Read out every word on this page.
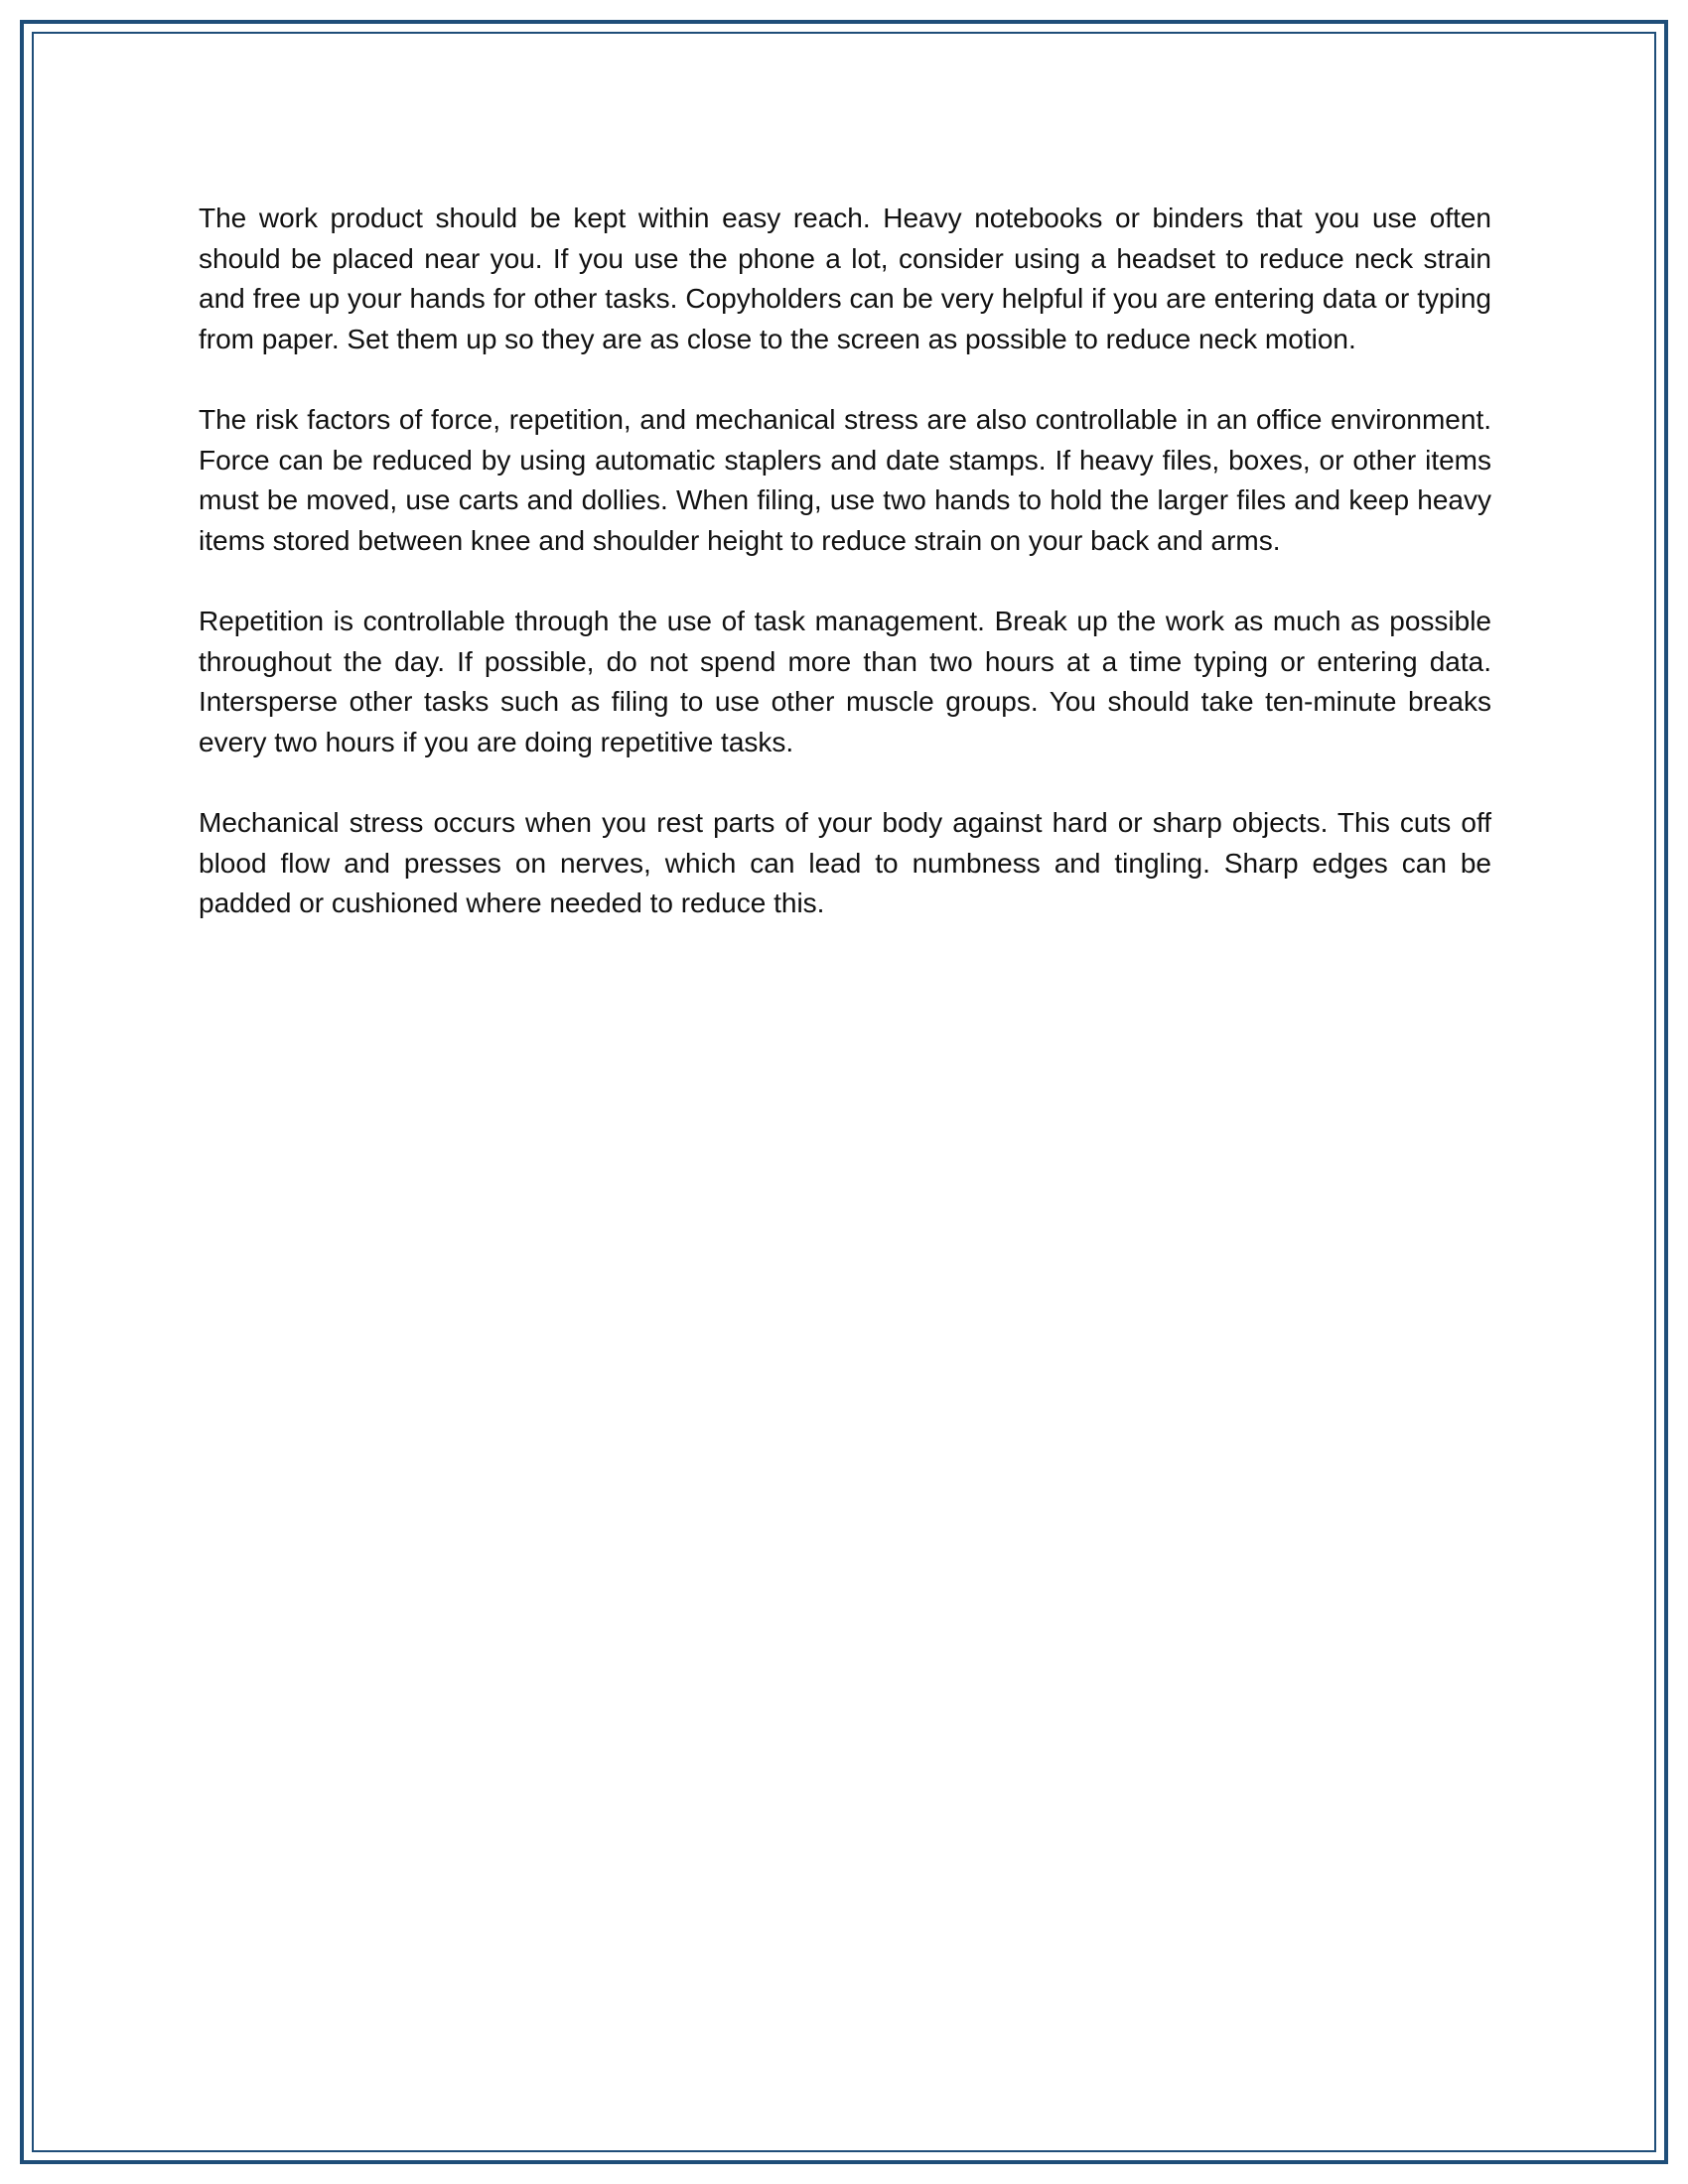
The work product should be kept within easy reach. Heavy notebooks or binders that you use often should be placed near you. If you use the phone a lot, consider using a headset to reduce neck strain and free up your hands for other tasks. Copyholders can be very helpful if you are entering data or typing from paper. Set them up so they are as close to the screen as possible to reduce neck motion.

The risk factors of force, repetition, and mechanical stress are also controllable in an office environment. Force can be reduced by using automatic staplers and date stamps. If heavy files, boxes, or other items must be moved, use carts and dollies. When filing, use two hands to hold the larger files and keep heavy items stored between knee and shoulder height to reduce strain on your back and arms.

Repetition is controllable through the use of task management. Break up the work as much as possible throughout the day. If possible, do not spend more than two hours at a time typing or entering data. Intersperse other tasks such as filing to use other muscle groups. You should take ten-minute breaks every two hours if you are doing repetitive tasks.

Mechanical stress occurs when you rest parts of your body against hard or sharp objects. This cuts off blood flow and presses on nerves, which can lead to numbness and tingling. Sharp edges can be padded or cushioned where needed to reduce this.
